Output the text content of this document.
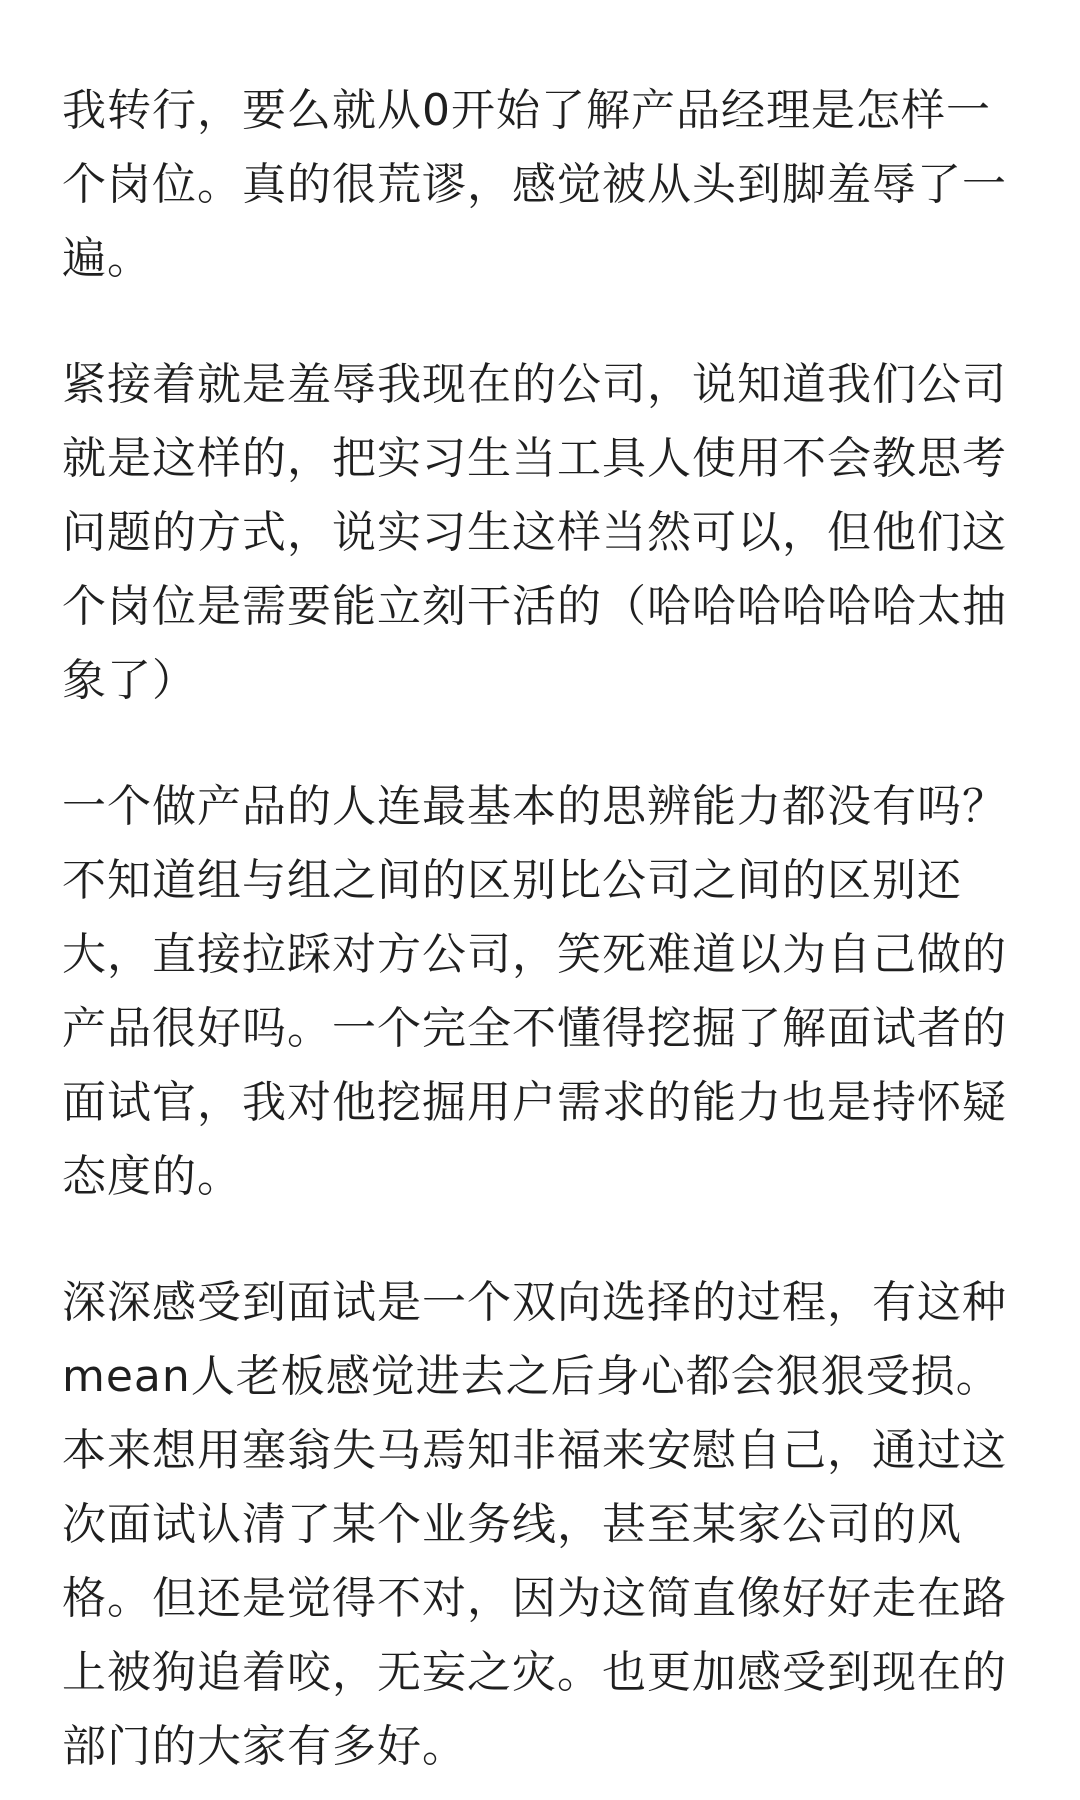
我转行，要么就从0开始了解产品经理是怎样一个岗位。真的很荒谬，感觉被从头到脚羞辱了一遍。

紧接着就是羞辱我现在的公司，说知道我们公司就是这样的，把实习生当工具人使用不会教思考问题的方式，说实习生这样当然可以，但他们这个岗位是需要能立刻干活的（哈哈哈哈哈哈太抽象了）

一个做产品的人连最基本的思辨能力都没有吗？不知道组与组之间的区别比公司之间的区别还大，直接拉踩对方公司，笑死难道以为自己做的产品很好吗。一个完全不懂得挖掘了解面试者的面试官，我对他挖掘用户需求的能力也是持怀疑态度的。

深深感受到面试是一个双向选择的过程，有这种mean人老板感觉进去之后身心都会狠狠受损。本来想用塞翁失马焉知非福来安慰自己，通过这次面试认清了某个业务线，甚至某家公司的风格。但还是觉得不对，因为这简直像好好走在路上被狗追着咬，无妄之灾。也更加感受到现在的部门的大家有多好。
